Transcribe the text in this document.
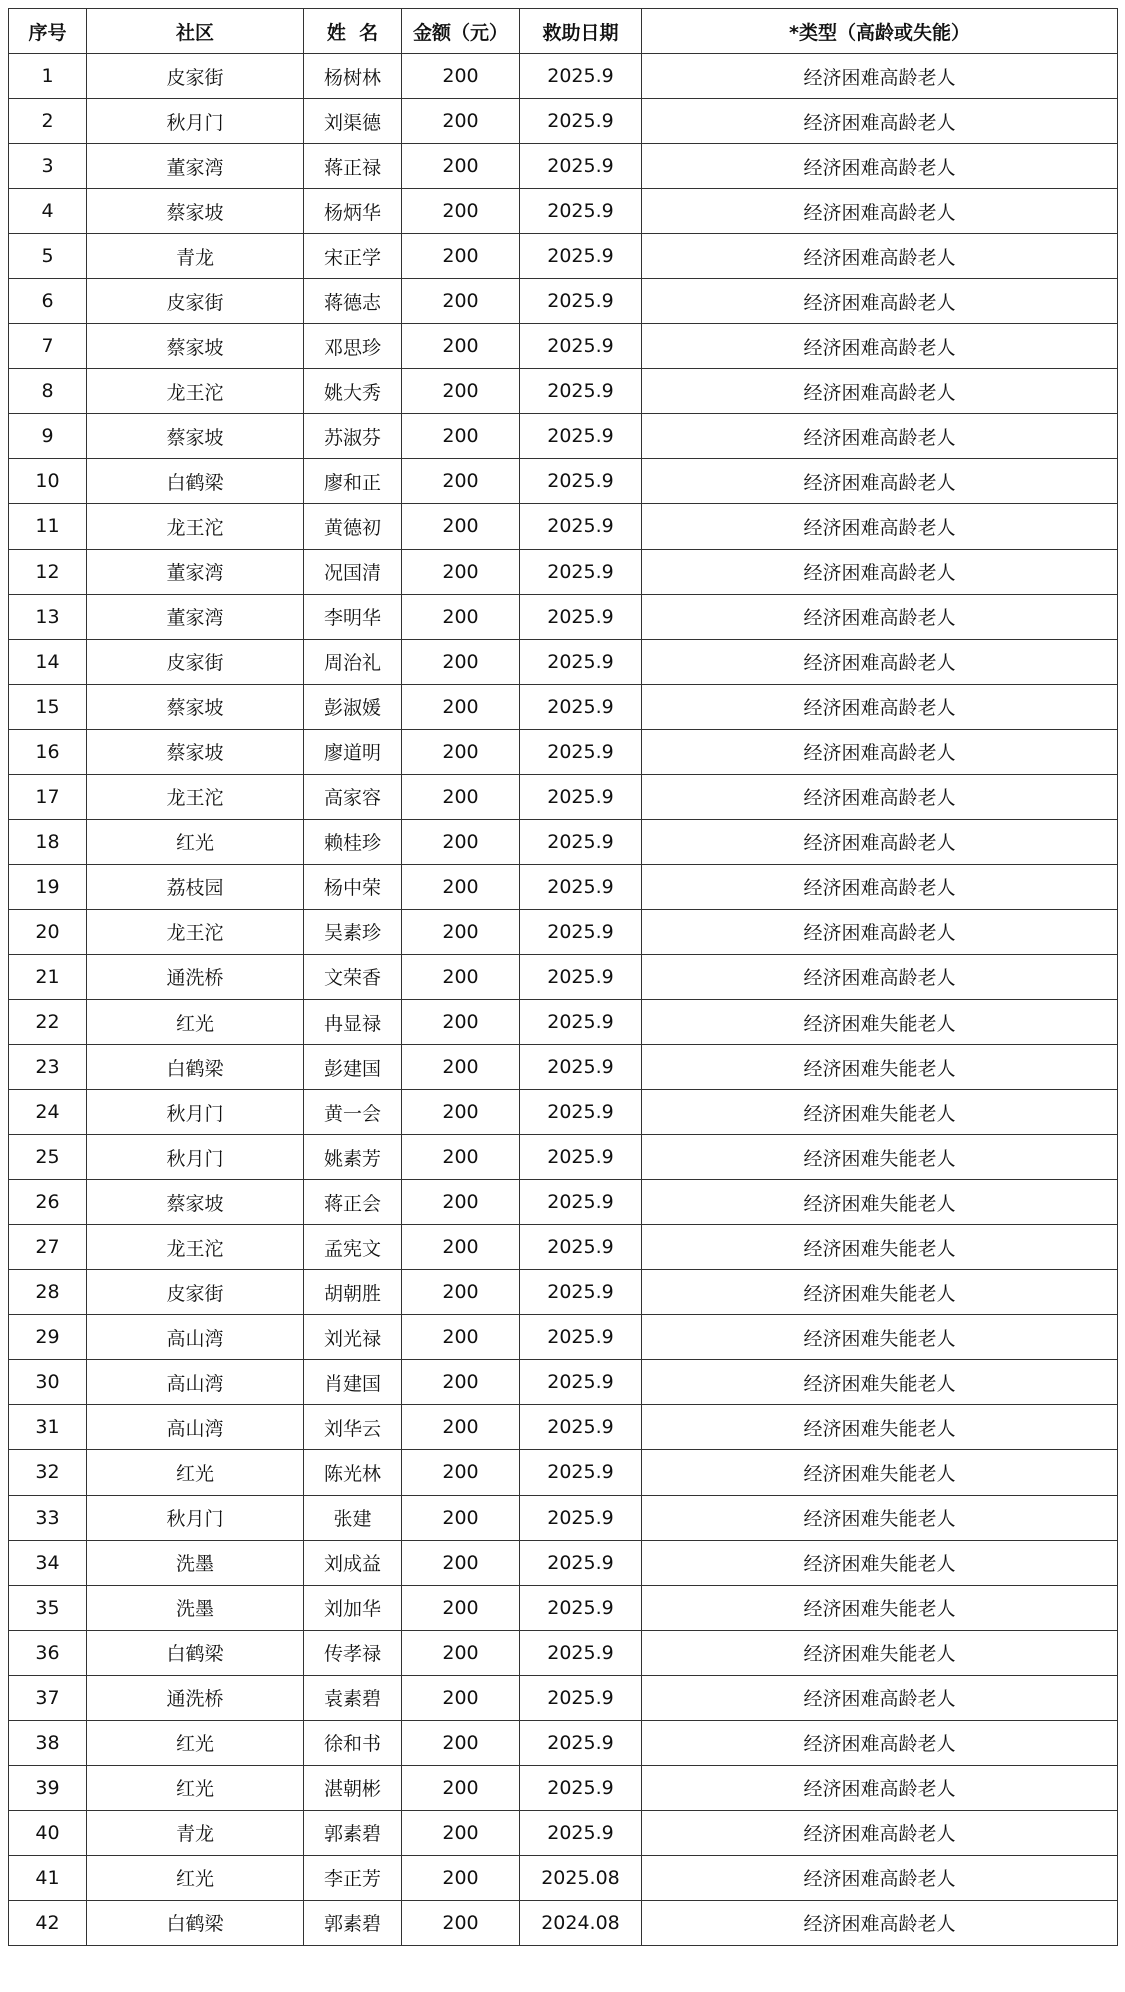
序号	社区	姓  名	金额（元）	救助日期	*类型（高龄或失能）
1	皮家街	杨树林	200	2025.9	经济困难高龄老人
2	秋月门	刘渠德	200	2025.9	经济困难高龄老人
3	董家湾	蒋正禄	200	2025.9	经济困难高龄老人
4	蔡家坡	杨炳华	200	2025.9	经济困难高龄老人
5	青龙	宋正学	200	2025.9	经济困难高龄老人
6	皮家街	蒋德志	200	2025.9	经济困难高龄老人
7	蔡家坡	邓思珍	200	2025.9	经济困难高龄老人
8	龙王沱	姚大秀	200	2025.9	经济困难高龄老人
9	蔡家坡	苏淑芬	200	2025.9	经济困难高龄老人
10	白鹤梁	廖和正	200	2025.9	经济困难高龄老人
11	龙王沱	黄德初	200	2025.9	经济困难高龄老人
12	董家湾	况国清	200	2025.9	经济困难高龄老人
13	董家湾	李明华	200	2025.9	经济困难高龄老人
14	皮家街	周治礼	200	2025.9	经济困难高龄老人
15	蔡家坡	彭淑媛	200	2025.9	经济困难高龄老人
16	蔡家坡	廖道明	200	2025.9	经济困难高龄老人
17	龙王沱	高家容	200	2025.9	经济困难高龄老人
18	红光	赖桂珍	200	2025.9	经济困难高龄老人
19	荔枝园	杨中荣	200	2025.9	经济困难高龄老人
20	龙王沱	吴素珍	200	2025.9	经济困难高龄老人
21	通洗桥	文荣香	200	2025.9	经济困难高龄老人
22	红光	冉显禄	200	2025.9	经济困难失能老人
23	白鹤梁	彭建国	200	2025.9	经济困难失能老人
24	秋月门	黄一会	200	2025.9	经济困难失能老人
25	秋月门	姚素芳	200	2025.9	经济困难失能老人
26	蔡家坡	蒋正会	200	2025.9	经济困难失能老人
27	龙王沱	孟宪文	200	2025.9	经济困难失能老人
28	皮家街	胡朝胜	200	2025.9	经济困难失能老人
29	高山湾	刘光禄	200	2025.9	经济困难失能老人
30	高山湾	肖建国	200	2025.9	经济困难失能老人
31	高山湾	刘华云	200	2025.9	经济困难失能老人
32	红光	陈光林	200	2025.9	经济困难失能老人
33	秋月门	张建	200	2025.9	经济困难失能老人
34	洗墨	刘成益	200	2025.9	经济困难失能老人
35	洗墨	刘加华	200	2025.9	经济困难失能老人
36	白鹤梁	传孝禄	200	2025.9	经济困难失能老人
37	通洗桥	袁素碧	200	2025.9	经济困难高龄老人
38	红光	徐和书	200	2025.9	经济困难高龄老人
39	红光	湛朝彬	200	2025.9	经济困难高龄老人
40	青龙	郭素碧	200	2025.9	经济困难高龄老人
41	红光	李正芳	200	2025.08	经济困难高龄老人
42	白鹤梁	郭素碧	200	2024.08	经济困难高龄老人
